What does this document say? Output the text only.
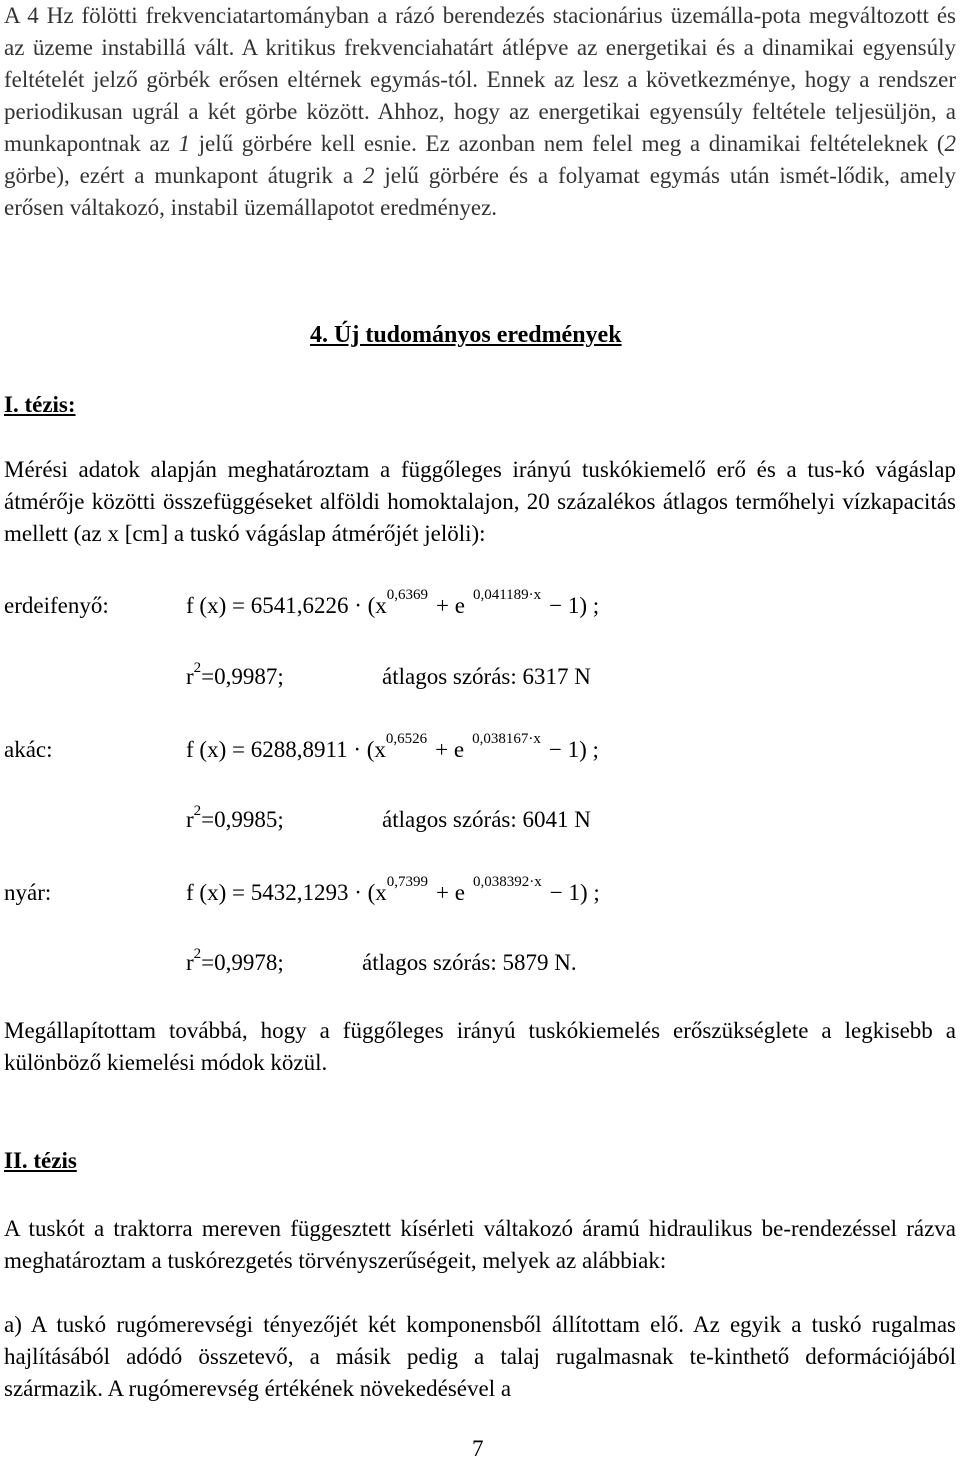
A 4 Hz fölötti frekvenciatartományban a rázó berendezés stacionárius üzemálla-pota megváltozott és az üzeme instabillá vált. A kritikus frekvenciahatárt átlépve az energetikai és a dinamikai egyensúly feltételét jelző görbék erősen eltérnek egymás-tól. Ennek az lesz a következménye, hogy a rendszer periodikusan ugrál a két görbe között. Ahhoz, hogy az energetikai egyensúly feltétele teljesüljön, a munkapontnak az 1 jelű görbére kell esnie. Ez azonban nem felel meg a dinamikai feltételeknek (2 görbe), ezért a munkapont átugrik a 2 jelű görbére és a folyamat egymás után ismét-lődik, amely erősen váltakozó, instabil üzemállapotot eredményez.

4. Új tudományos eredmények
I. tézis:

Mérési adatok alapján meghatároztam a függőleges irányú tuskókiemelő erő és a tus-kó vágáslap átmérője közötti összefüggéseket alföldi homoktalajon, 20 százalékos átlagos termőhelyi vízkapacitás mellett (az x [cm] a tuskó vágáslap átmérőjét jelöli):

erdeifenyő:	f $(x) = 6541,6226 \cdot (x^{0,6369} + e$ $^{0,041189\cdot x}$ − 1) ;
$r^2=0,9987$;	átlagos szórás: 6317 N
akác:	f $(x) = 6288,8911 \cdot (x^{0,6526} + e$ $^{0,038167\cdot x}$ − 1) ;
$r^2=0,9985$;	átlagos szórás: 6041 N
nyár:	f $(x) = 5432,1293 \cdot (x^{0,7399} + e$ $^{0,038392\cdot x}$ − 1) ;
$r^2=0,9978$;	átlagos szórás: 5879 N.

Megállapítottam továbbá, hogy a függőleges irányú tuskókiemelés erőszükséglete a legkisebb a különböző kiemelési módok közül.

II. tézis

A tuskót a traktorra mereven függesztett kísérleti váltakozó áramú hidraulikus be-rendezéssel rázva meghatároztam a tuskórezgetés törvényszerűségeit, melyek az alábbiak:

a) A tuskó rugómerevségi tényezőjét két komponensből állítottam elő. Az egyik a tuskó rugalmas hajlításából adódó összetevő, a másik pedig a talaj rugalmasnak te-kinthető deformációjából származik. A rugómerevség értékének növekedésével a

7
